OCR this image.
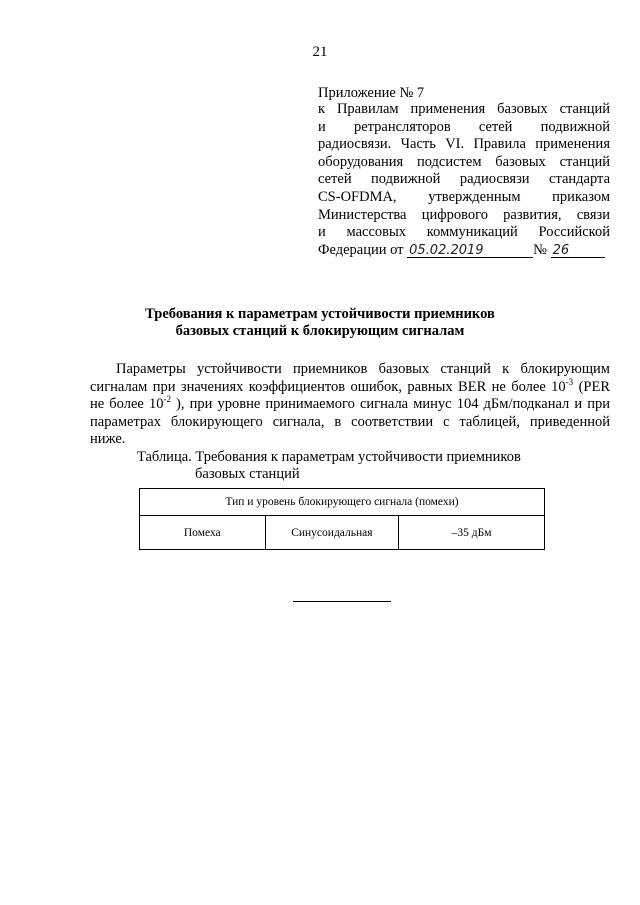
21
Приложение № 7
к Правилам применения базовых станций
и ретрансляторов сетей подвижной
радиосвязи. Часть VI. Правила применения
оборудования подсистем базовых станций
сетей подвижной радиосвязи стандарта
CS-OFDMA, утвержденным приказом
Министерства цифрового развития, связи
и массовых коммуникаций Российской
Федерации от 05.02.2019	№ 26
Требования к параметрам устойчивости приемников
базовых станций к блокирующим сигналам
Параметры устойчивости приемников базовых станций к блокирующим
сигналам при значениях коэффициентов ошибок, равных BER не более $10^{-3}$ (PER
не более $10^{-2}$ ), при уровне принимаемого сигнала минус 104 дБм/подканал и при
параметрах блокирующего сигнала, в соответствии с таблицей, приведенной
ниже.
Таблица. Требования к параметрам устойчивости приемников
базовых станций
Тип и уровень блокирующего сигнала (помехи)
Помеха	Синусоидальная	–35 дБм
